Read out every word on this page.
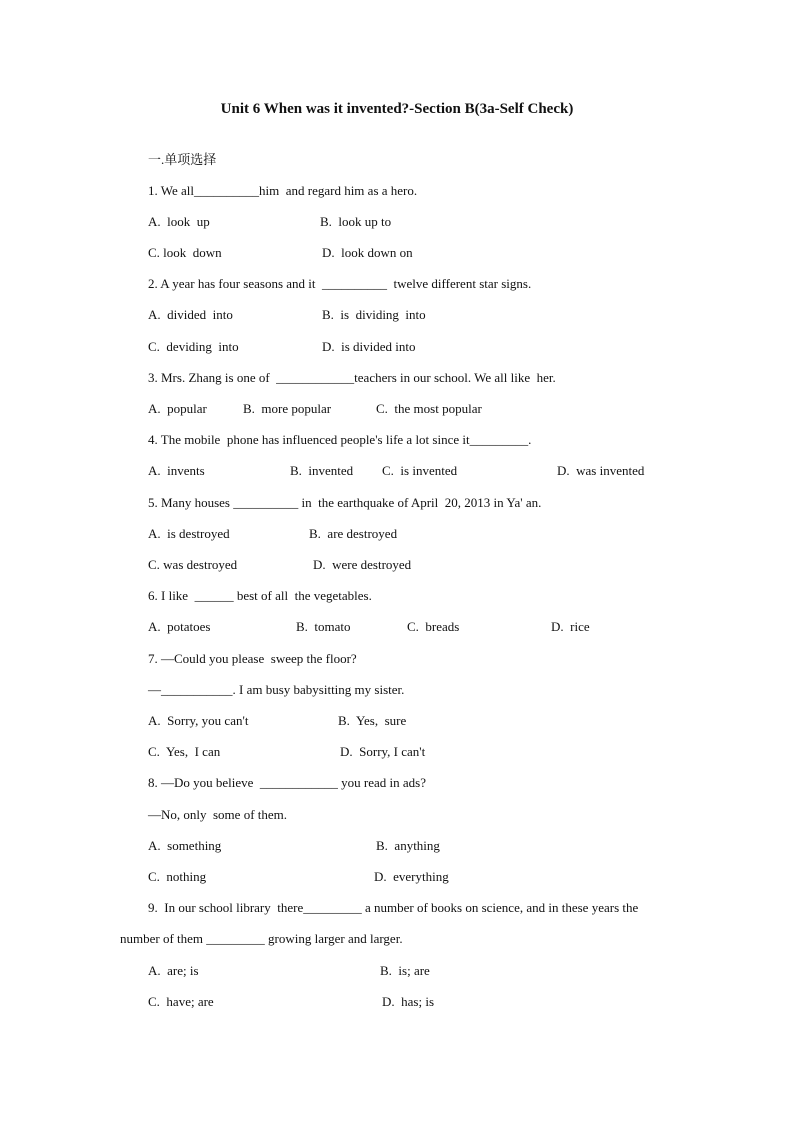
Unit 6 When was it invented?-Section B(3a-Self Check)
一.单项选择
1. We all__________him  and regard him as a hero.
A.  look  up	B.  look up to
C. look  down	D.  look down on
2. A year has four seasons and it  __________  twelve different star signs.
A.  divided  into	B.  is  dividing  into
C.  deviding  into	D.  is divided into
3. Mrs. Zhang is one of  ____________teachers in our school. We all like  her.
A.  popular	B.  more popular	C.  the most popular
4. The mobile  phone has influenced people's life a lot since it_________.
A.  invents	B.  invented C.  is invented	D.  was invented
5. Many houses __________ in  the earthquake of April  20, 2013 in Ya' an.
A.  is destroyed	B.  are destroyed
C. was destroyed	D.  were destroyed
6. I like  ______ best of all  the vegetables.
A.  potatoes	B.  tomato	C.  breads	D.  rice
7. —Could you please  sweep the floor?
—___________. I am busy babysitting my sister.
A.  Sorry, you can't	B.  Yes,  sure
C.  Yes,  I can	D.  Sorry, I can't
8. —Do you believe  ____________ you read in ads?
—No, only  some of them.
A.  something	B.  anything
C.  nothing	D.  everything
9.  In our school library  there_________ a number of books on science, and in these years the
number of them _________ growing larger and larger.
A.  are; is	B.  is; are
C.  have; are	D.  has; is
